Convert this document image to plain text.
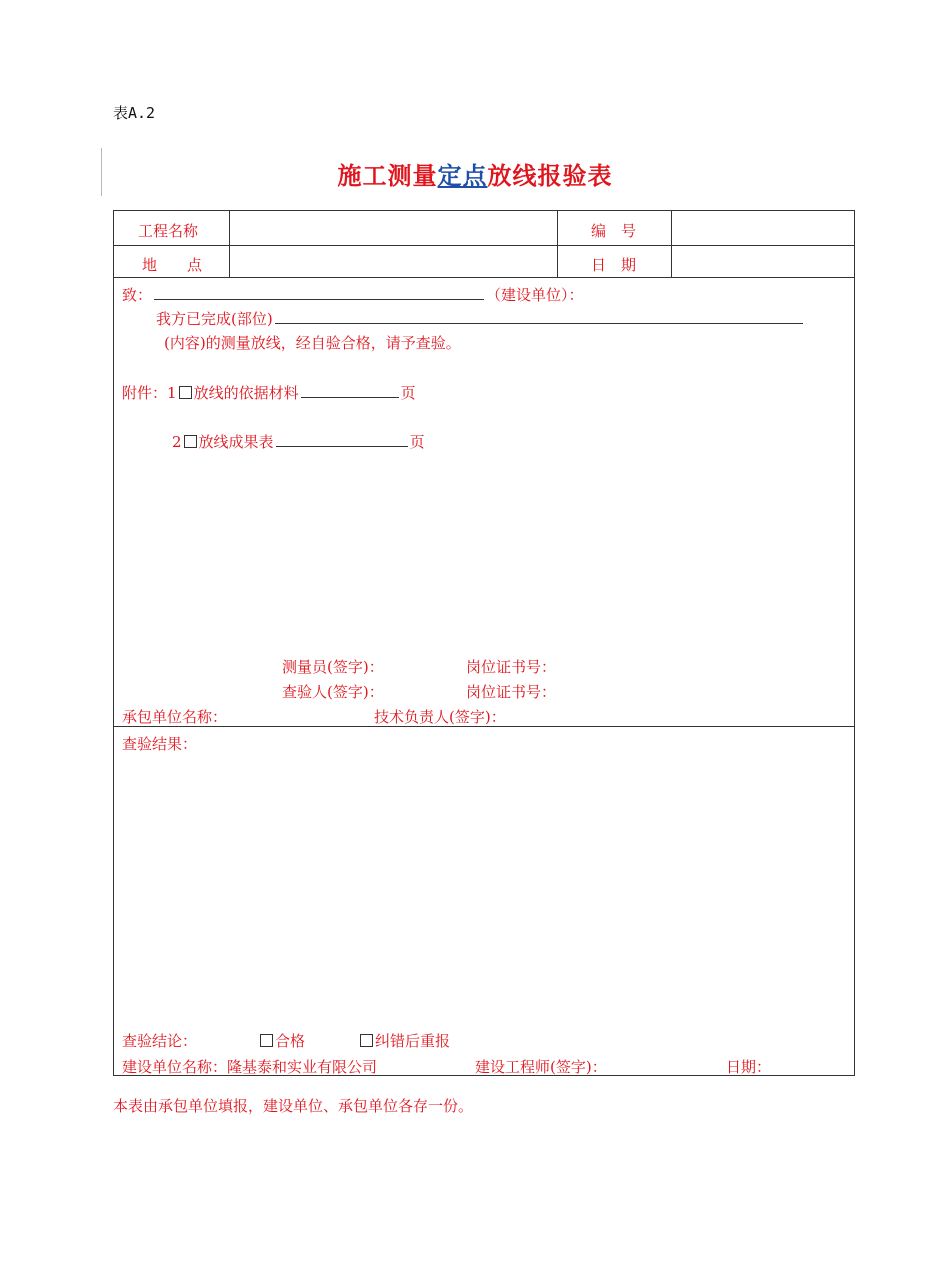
表A.2
施工测量定点放线报验表
工程名称	编　号
地　　点	日　期
致：	（建设单位）：
我方已完成(部位)
(内容)的测量放线，经自验合格，请予查验。
附件：1 放线的依据材料	页
2 放线成果表	页
测量员(签字)：	岗位证书号：
查验人(签字)：	岗位证书号：
承包单位名称：	技术负责人(签字)：
查验结果：
查验结论：	合格	纠错后重报
建设单位名称：隆基泰和实业有限公司	建设工程师(签字)：	日期：
本表由承包单位填报，建设单位、承包单位各存一份。
